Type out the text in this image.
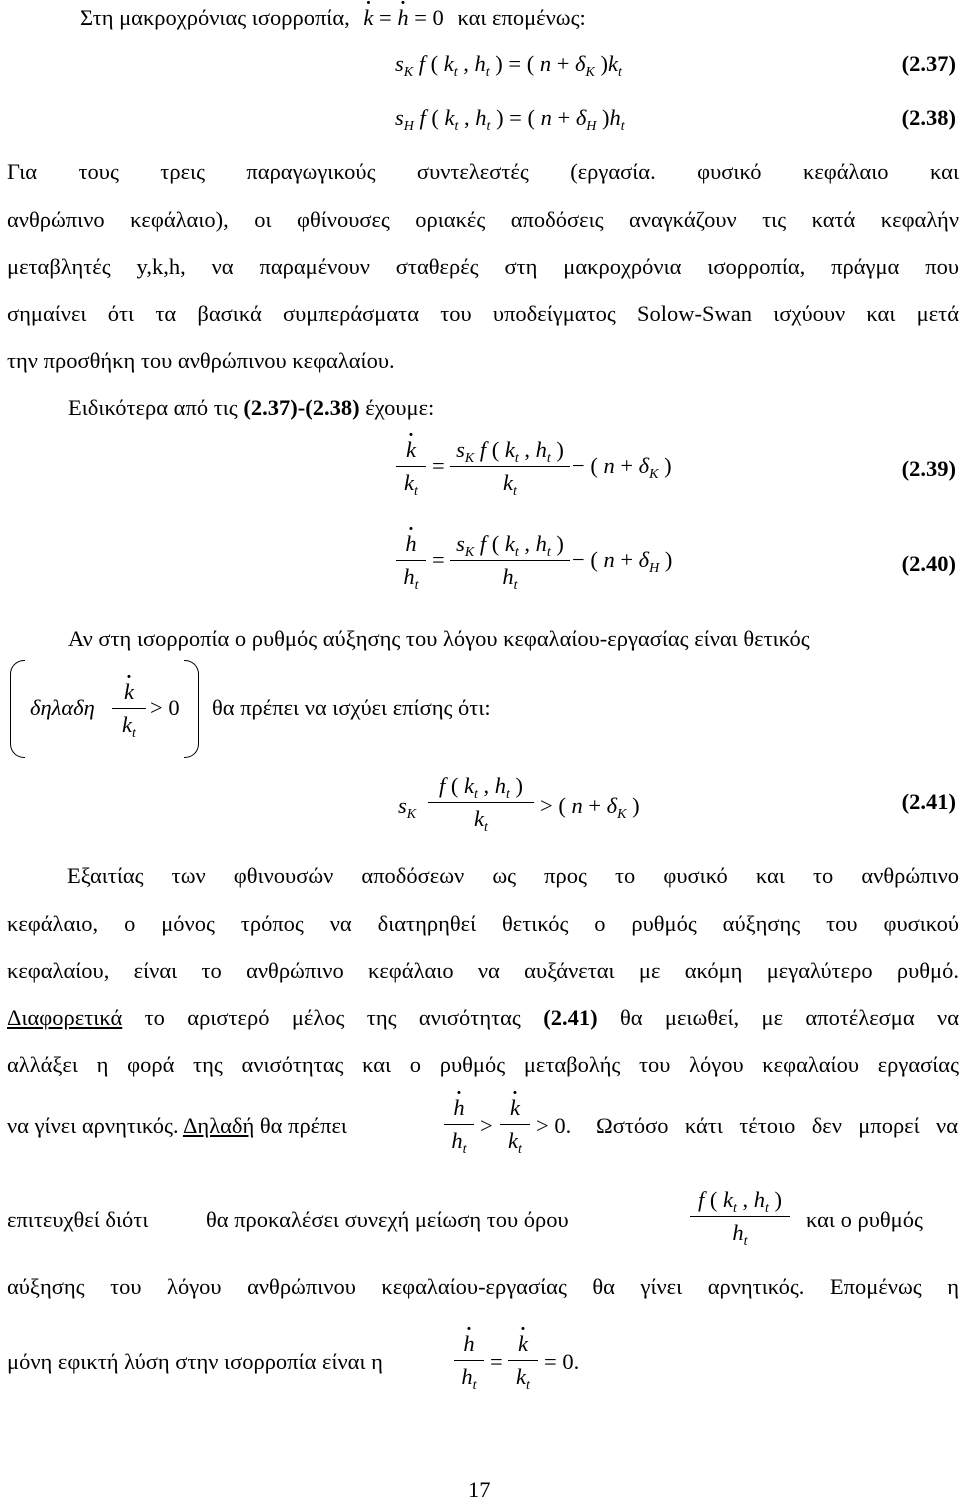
Στη μακροχρόνιας ισορροπία, · k = · h = 0 και επομένως:
$s_K$ f ( $k_t$ , $h_t$ ) = ( $n + \delta_K$ )$k_t$	(2.37)
$s_H$ f ( $k_t$ , $h_t$ ) = ( $n + \delta_H$ )$h_t$	(2.38)
Για τους τρεις παραγωγικούς συντελεστές (εργασία. φυσικό κεφάλαιο και
ανθρώπινο κεφάλαιο), οι φθίνουσες οριακές αποδόσεις αναγκάζουν τις κατά κεφαλήν
μεταβλητές y,k,h, να παραμένουν σταθερές στη μακροχρόνια ισορροπία, πράγμα που
σημαίνει ότι τα βασικά συμπεράσματα του υποδείγματος Solow-Swan ισχύουν και μετά
την προσθήκη του ανθρώπινου κεφαλαίου.
Ειδικότερα από τις (2.37)-(2.38) έχουμε:
· k
$k_t$
=
$s_K$ f ( $k_t$ , $h_t$ )
$k_t$
− ( $n + \delta_K$ )	(2.39)
· h
$h_t$
=
$s_K$ f ( $k_t$ , $h_t$ )
$h_t$
− ( $n + \delta_H$ )	(2.40)
Αν στη ισορροπία ο ρυθμός αύξησης του λόγου κεφαλαίου-εργασίας είναι θετικός
δηλαδη
· k
$k_t$
> 0 θα πρέπει να ισχύει επίσης ότι:
$s_K$
f ( $k_t$ , $h_t$ )
$k_t$
> ( $n + \delta_K$ )	(2.41)
Εξαιτίας των φθινουσών αποδόσεων ως προς το φυσικό και το ανθρώπινο
κεφάλαιο, ο μόνος τρόπος να διατηρηθεί θετικός ο ρυθμός αύξησης του φυσικού
κεφαλαίου, είναι το ανθρώπινο κεφάλαιο να αυξάνεται με ακόμη μεγαλύτερο ρυθμό.
Διαφορετικά το αριστερό μέλος της ανισότητας (2.41) θα μειωθεί, με αποτέλεσμα να
αλλάξει η φορά της ανισότητας και ο ρυθμός μεταβολής του λόγου κεφαλαίου εργασίας
να γίνει αρνητικός. Δηλαδή θα πρέπει
· h
$h_t$
>
· k
$k_t$
> 0. Ωστόσο κάτι τέτοιο δεν μπορεί να
επιτευχθεί διότι	θα προκαλέσει συνεχή μείωση του όρου
f ( $k_t$ , $h_t$ )
$h_t$
και ο ρυθμός
αύξησης του λόγου ανθρώπινου κεφαλαίου-εργασίας θα γίνει αρνητικός. Επομένως η
μόνη εφικτή λύση στην ισορροπία είναι η
· h
$h_t$
=
· k
$k_t$
= 0.
17
